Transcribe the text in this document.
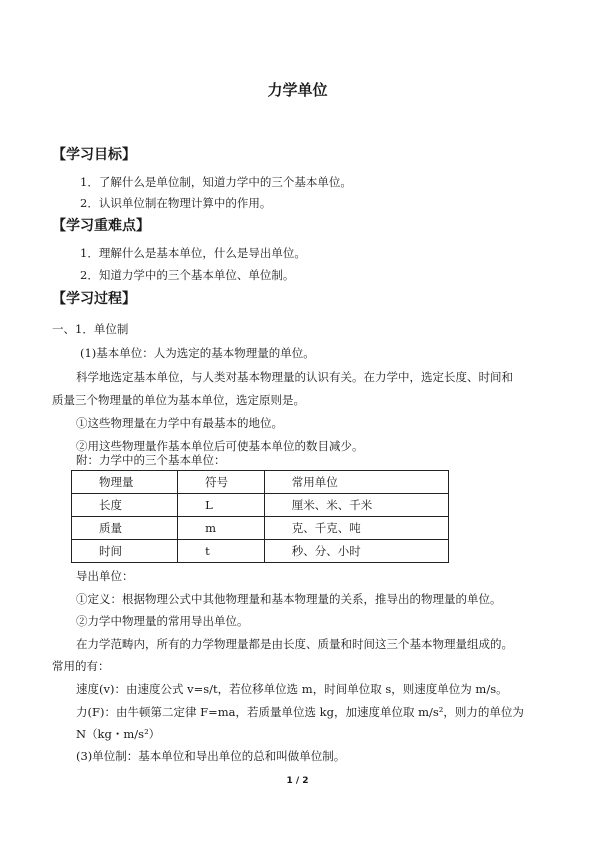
力学单位
【学习目标】
1．了解什么是单位制，知道力学中的三个基本单位。
2．认识单位制在物理计算中的作用。
【学习重难点】
1．理解什么是基本单位，什么是导出单位。
2．知道力学中的三个基本单位、单位制。
【学习过程】
一、1．单位制
(1)基本单位：人为选定的基本物理量的单位。
科学地选定基本单位，与人类对基本物理量的认识有关。在力学中，选定长度、时间和
质量三个物理量的单位为基本单位，选定原则是。
①这些物理量在力学中有最基本的地位。
②用这些物理量作基本单位后可使基本单位的数目减少。
附：力学中的三个基本单位：
物理量	符号	常用单位
长度	L	厘米、米、千米
质量	m	克、千克、吨
时间	t	秒、分、小时
导出单位：
①定义：根据物理公式中其他物理量和基本物理量的关系，推导出的物理量的单位。
②力学中物理量的常用导出单位。
在力学范畴内，所有的力学物理量都是由长度、质量和时间这三个基本物理量组成的。
常用的有：
速度(v)：由速度公式 v=s/t，若位移单位选 m，时间单位取 s，则速度单位为 m/s。
力(F)：由牛顿第二定律 F=ma，若质量单位选 kg，加速度单位取 m/s²，则力的单位为
N（kg・m/s²）
(3)单位制：基本单位和导出单位的总和叫做单位制。
1 / 2
